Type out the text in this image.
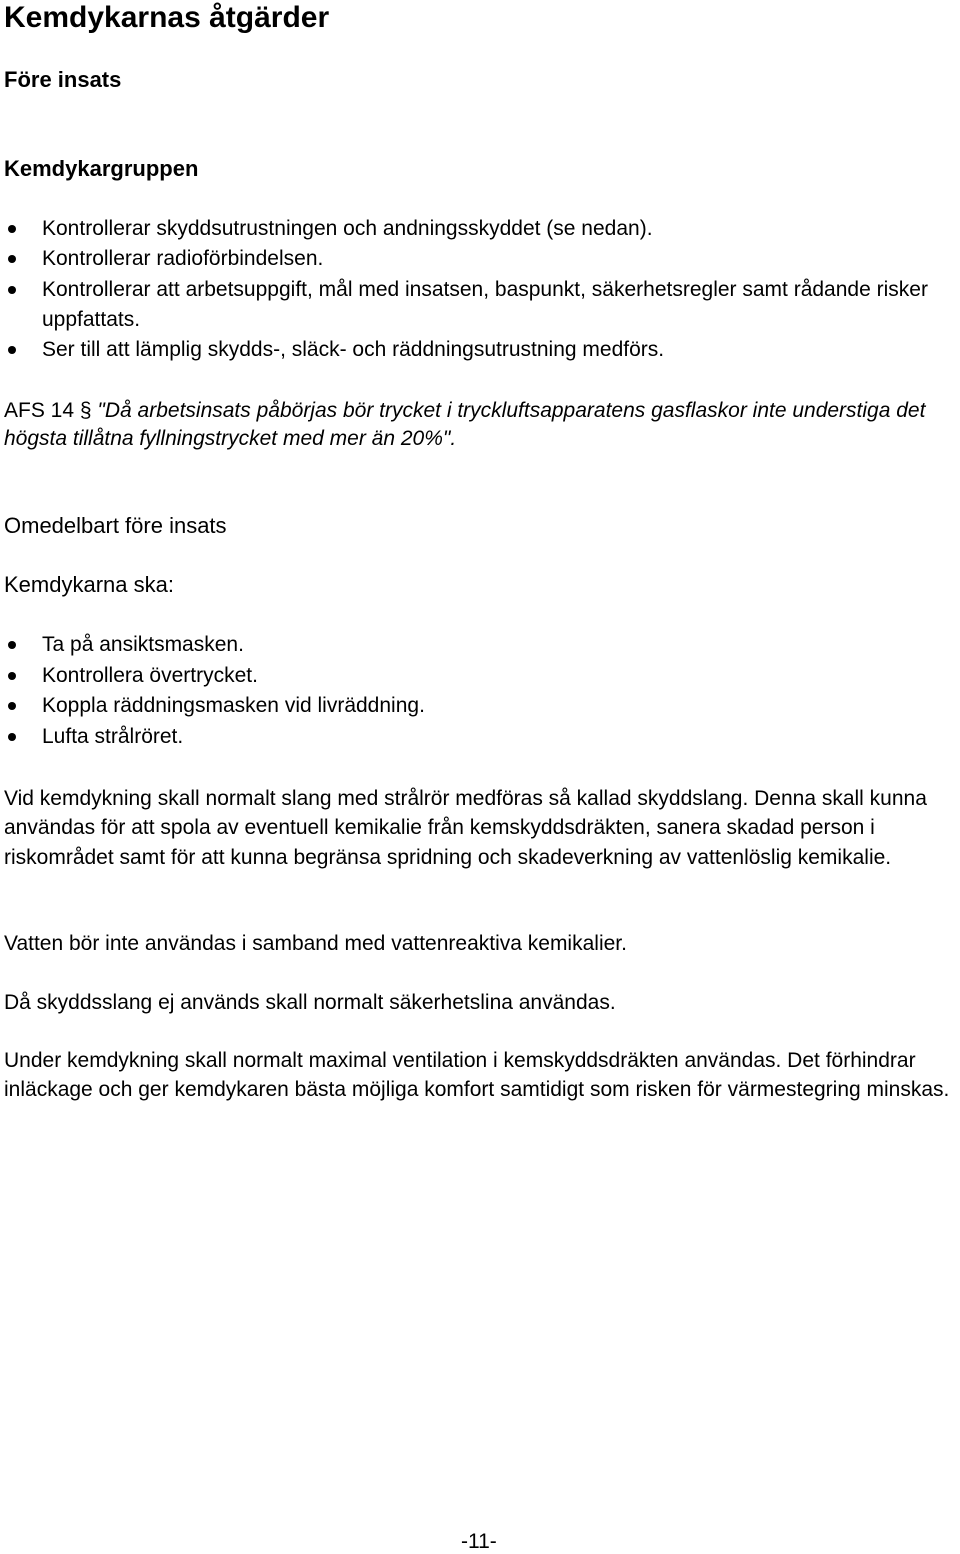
Kemdykarnas åtgärder
Före insats
Kemdykargruppen
Kontrollerar skyddsutrustningen och andningsskyddet (se nedan).
Kontrollerar radioförbindelsen.
Kontrollerar att arbetsuppgift, mål med insatsen, baspunkt, säkerhetsregler samt rådande risker uppfattats.
Ser till att lämplig skydds-, släck- och räddningsutrustning medförs.

AFS 14 § "Då arbetsinsats påbörjas bör trycket i tryckluftsapparatens gasflaskor inte understiga det högsta tillåtna fyllningstrycket med mer än 20%".

Omedelbart före insats
Kemdykarna ska:
Ta på ansiktsmasken.
Kontrollera övertrycket.
Koppla räddningsmasken vid livräddning.
Lufta strålröret.

Vid kemdykning skall normalt slang med strålrör medföras så kallad skyddslang. Denna skall kunna användas för att spola av eventuell kemikalie från kemskyddsdräkten, sanera skadad person i riskområdet samt för att kunna begränsa spridning och skadeverkning av vattenlöslig kemikalie.

Vatten bör inte användas i samband med vattenreaktiva kemikalier.

Då skyddsslang ej används skall normalt säkerhetslina användas.

Under kemdykning skall normalt maximal ventilation i kemskyddsdräkten användas. Det förhindrar inläckage och ger kemdykaren bästa möjliga komfort samtidigt som risken för värmestegring minskas.

-11-
